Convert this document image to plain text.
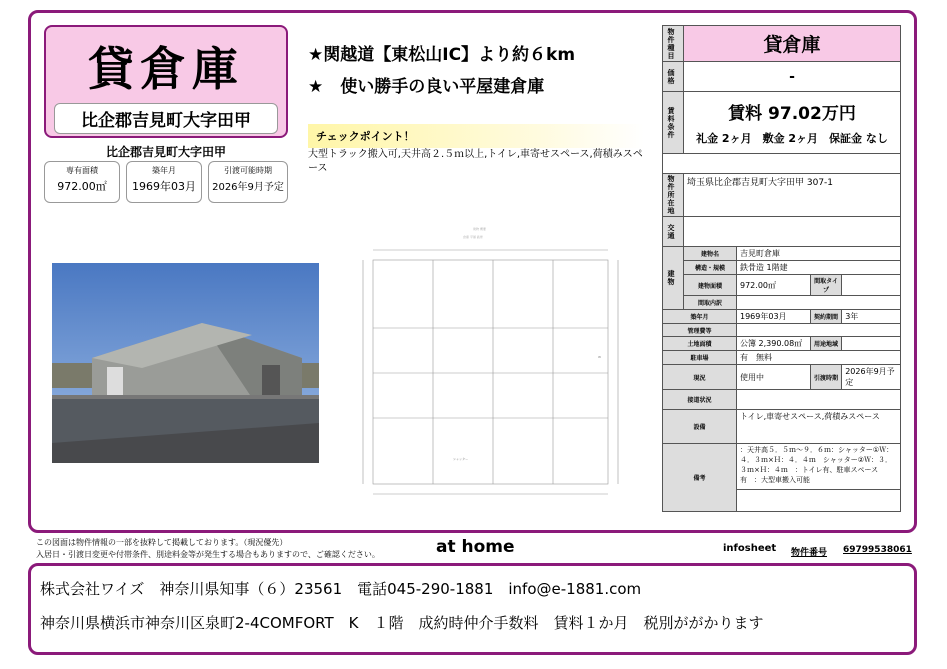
貸倉庫
比企郡吉見町大字田甲
比企郡吉見町大字田甲
専有面積
972.00㎡
築年月
1969年03月
引渡可能時期
2026年9月予定
★関越道【東松山IC】より約６km
★　使い勝手の良い平屋建倉庫
チェックポイント！
大型トラック搬入可,天井高２.５ｍ以上,トイレ,車寄せスペース,荷積みスペース
建物 概要
倉庫 平屋 鉄骨
W
シャッター
物件種目	貸倉庫

価格	-

賃料条件	賃料 97.02万円
礼金 2ヶ月　敷金 2ヶ月　保証金 なし
物件所在地	埼玉県比企郡吉見町大字田甲 307-1			

交通				

建物	建物名	吉見町倉庫		
	構造・規模	鉄骨造 1階建		
	建物面積	972.00㎡	間取タイプ	
	間取内訳			
築年月		1969年03月	契約期間	3年
管理費等				
土地面積		公簿 2,390.08㎡	用途地域	
駐車場		有　無料		
現況		使用中	引渡時期	2026年9月予定
接道状況				
設備		トイレ,車寄せスペース,荷積みスペース		
備考		：天井高５．５ｍ～９．６ｍ：シャッター①Ｗ：４．３ｍ×Ｈ：４．４ｍ　シャッター②Ｗ：３．３ｍ×Ｈ：４ｍ　：トイレ有、駐車スペース有　：大型車搬入可能		
この図面は物件情報の一部を抜粋して掲載しております。（現況優先）
入居日・引渡日変更や付帯条件、別途料金等が発生する場合もありますので、ご確認ください。	at home	infosheet 物件番号 69799538061
株式会社ワイズ　神奈川県知事（６）23561　電話045-290-1881　info@e-1881.com
神奈川県横浜市神奈川区泉町2-4COMFORT　K　１階　成約時仲介手数料　賃料１か月　税別ががかります
